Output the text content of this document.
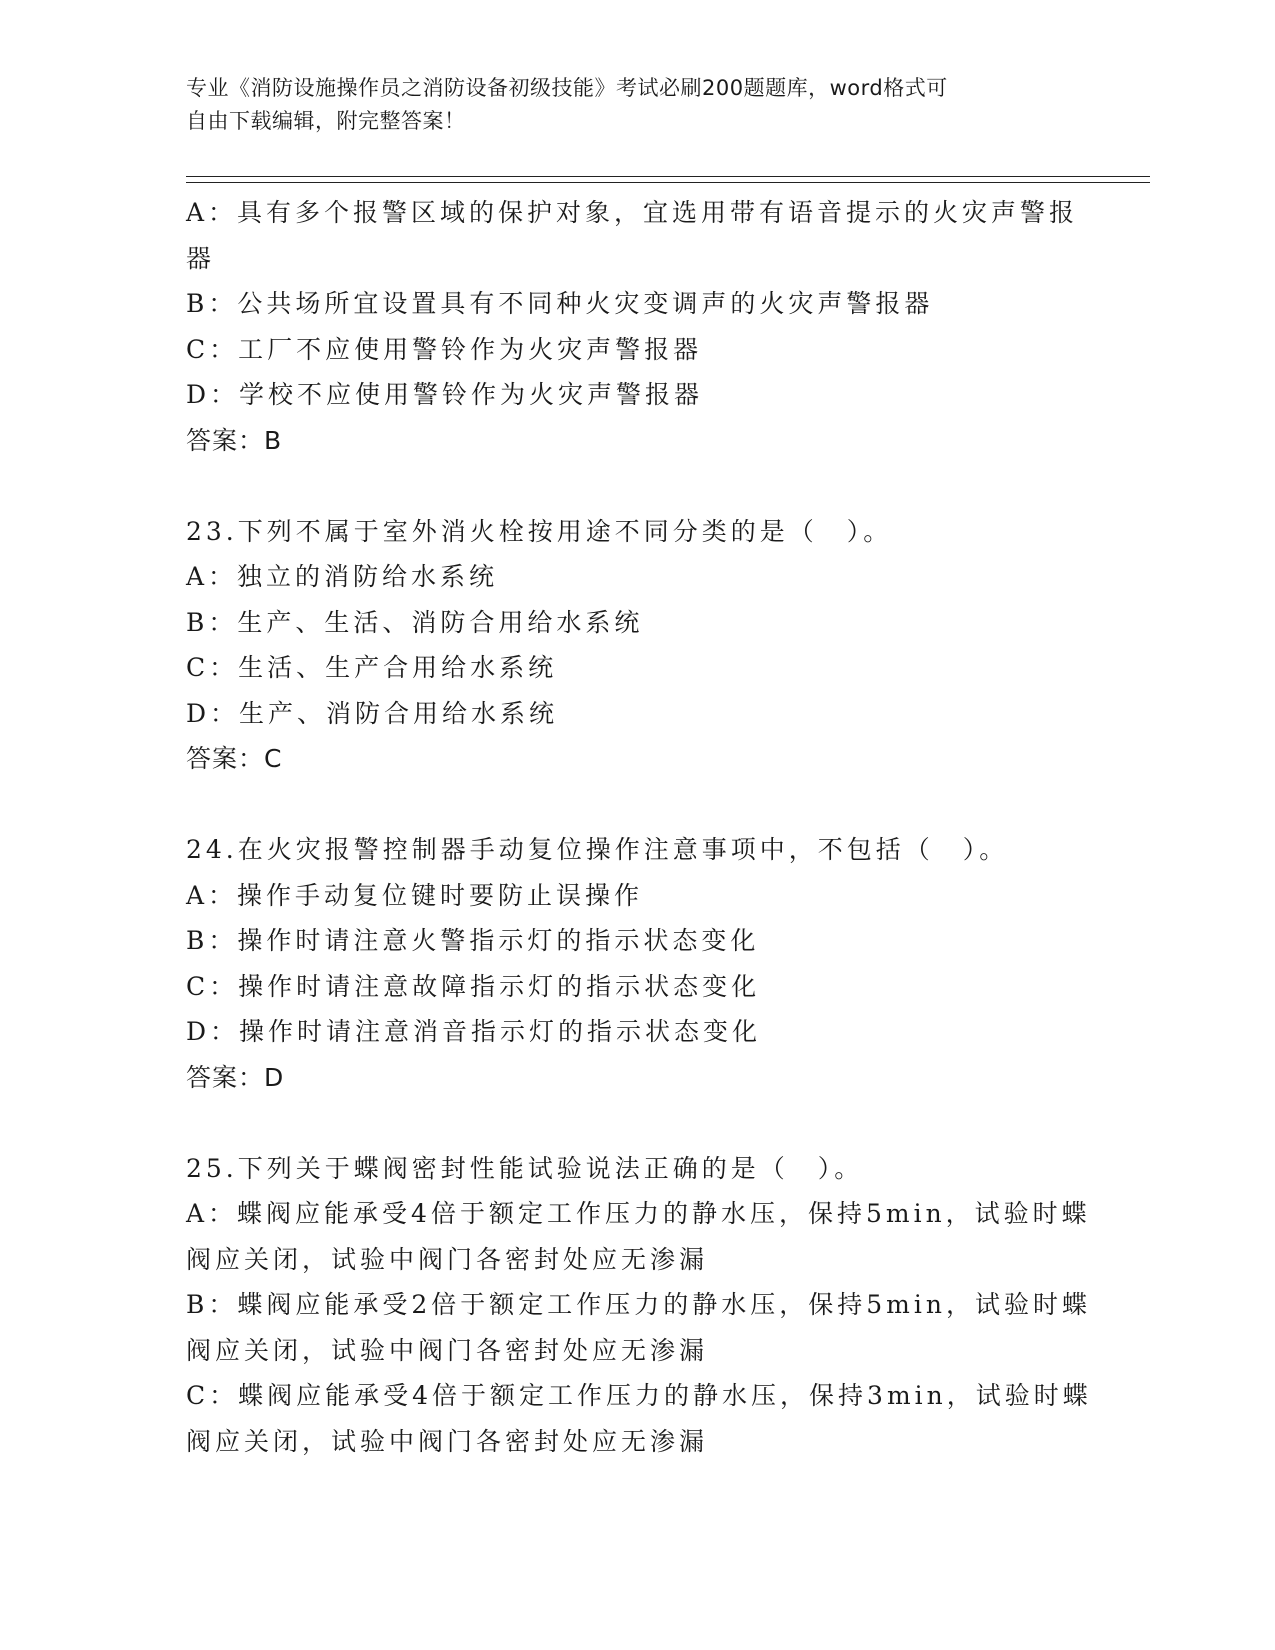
专业《消防设施操作员之消防设备初级技能》考试必刷200题题库，word格式可
自由下载编辑，附完整答案！
A：具有多个报警区域的保护对象，宜选用带有语音提示的火灾声警报
器
B：公共场所宜设置具有不同种火灾变调声的火灾声警报器
C：工厂不应使用警铃作为火灾声警报器
D：学校不应使用警铃作为火灾声警报器
答案：B
23.下列不属于室外消火栓按用途不同分类的是（　）。
A：独立的消防给水系统
B：生产、生活、消防合用给水系统
C：生活、生产合用给水系统
D：生产、消防合用给水系统
答案：C
24.在火灾报警控制器手动复位操作注意事项中，不包括（　）。
A：操作手动复位键时要防止误操作
B：操作时请注意火警指示灯的指示状态变化
C：操作时请注意故障指示灯的指示状态变化
D：操作时请注意消音指示灯的指示状态变化
答案：D
25.下列关于蝶阀密封性能试验说法正确的是（　）。
A：蝶阀应能承受4倍于额定工作压力的静水压，保持5min，试验时蝶
阀应关闭，试验中阀门各密封处应无渗漏
B：蝶阀应能承受2倍于额定工作压力的静水压，保持5min，试验时蝶
阀应关闭，试验中阀门各密封处应无渗漏
C：蝶阀应能承受4倍于额定工作压力的静水压，保持3min，试验时蝶
阀应关闭，试验中阀门各密封处应无渗漏
